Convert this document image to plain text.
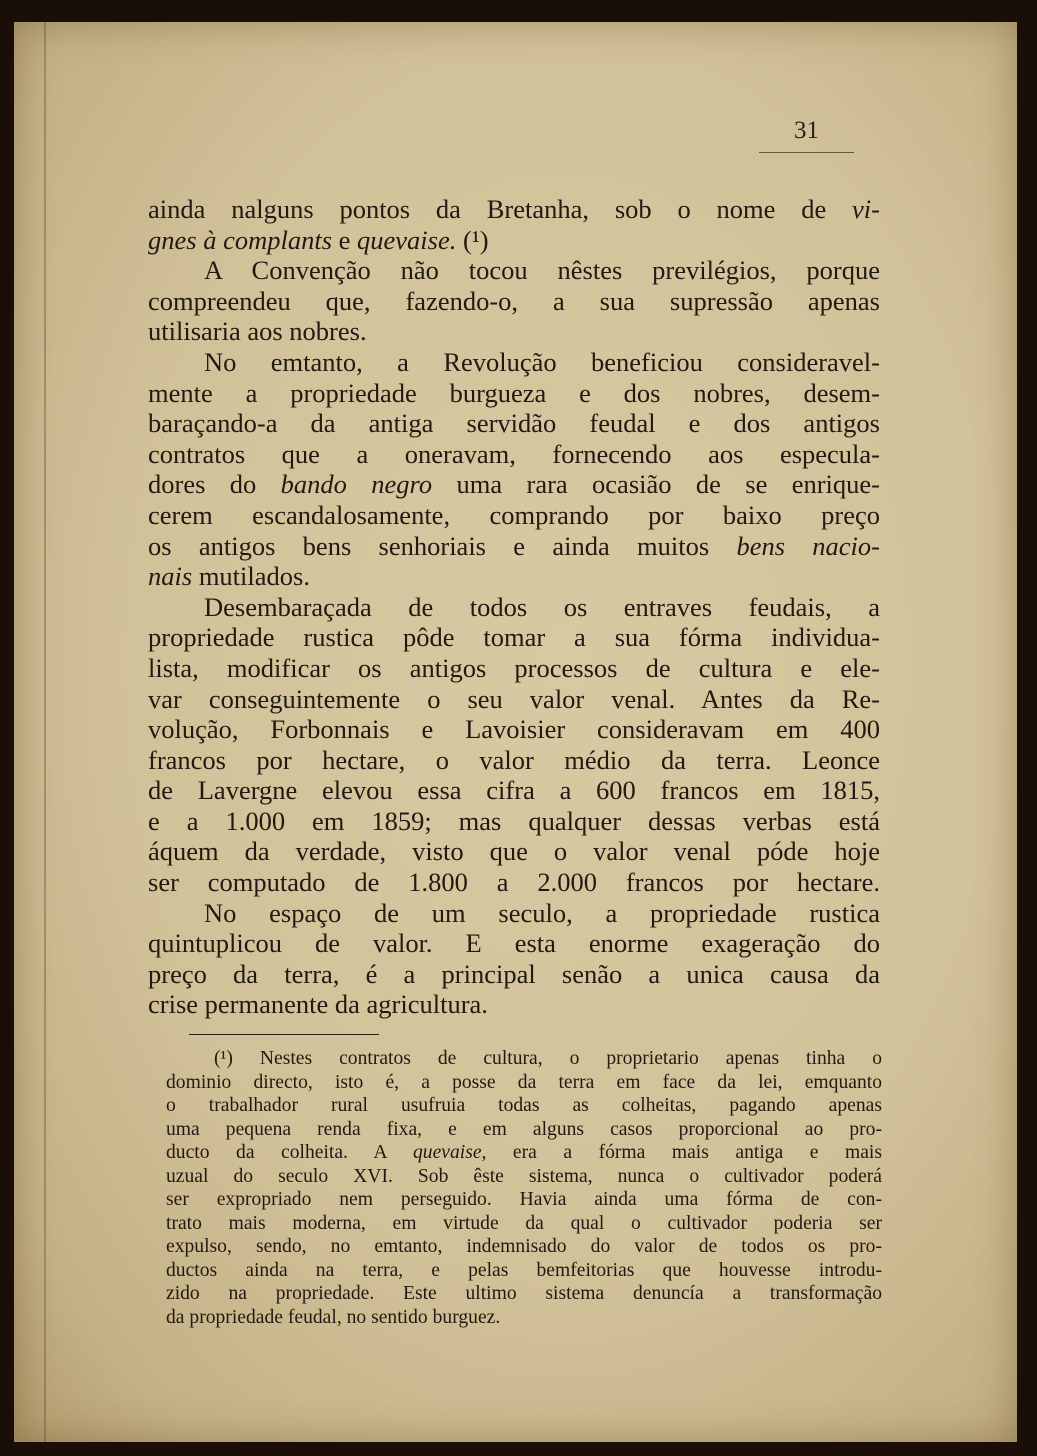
31
ainda nalguns pontos da Bretanha, sob o nome de vi-
gnes à complants e quevaise. (¹)
A Convenção não tocou nêstes previlégios, porque
compreendeu que, fazendo-o, a sua supressão apenas
utilisaria aos nobres.
No emtanto, a Revolução beneficiou consideravel-
mente a propriedade burgueza e dos nobres, desem-
baraçando-a da antiga servidão feudal e dos antigos
contratos que a oneravam, fornecendo aos especula-
dores do bando negro uma rara ocasião de se enrique-
cerem escandalosamente, comprando por baixo preço
os antigos bens senhoriais e ainda muitos bens nacio-
nais mutilados.
Desembaraçada de todos os entraves feudais, a
propriedade rustica pôde tomar a sua fórma individua-
lista, modificar os antigos processos de cultura e ele-
var conseguintemente o seu valor venal. Antes da Re-
volução, Forbonnais e Lavoisier consideravam em 400
francos por hectare, o valor médio da terra. Leonce
de Lavergne elevou essa cifra a 600 francos em 1815,
e a 1.000 em 1859; mas qualquer dessas verbas está
áquem da verdade, visto que o valor venal póde hoje
ser computado de 1.800 a 2.000 francos por hectare.
No espaço de um seculo, a propriedade rustica
quintuplicou de valor. E esta enorme exageração do
preço da terra, é a principal senão a unica causa da
crise permanente da agricultura.
(¹) Nestes contratos de cultura, o proprietario apenas tinha o
dominio directo, isto é, a posse da terra em face da lei, emquanto
o trabalhador rural usufruia todas as colheitas, pagando apenas
uma pequena renda fixa, e em alguns casos proporcional ao pro-
ducto da colheita. A quevaise, era a fórma mais antiga e mais
uzual do seculo XVI. Sob êste sistema, nunca o cultivador poderá
ser expropriado nem perseguido. Havia ainda uma fórma de con-
trato mais moderna, em virtude da qual o cultivador poderia ser
expulso, sendo, no emtanto, indemnisado do valor de todos os pro-
ductos ainda na terra, e pelas bemfeitorias que houvesse introdu-
zido na propriedade. Este ultimo sistema denuncía a transformação
da propriedade feudal, no sentido burguez.
